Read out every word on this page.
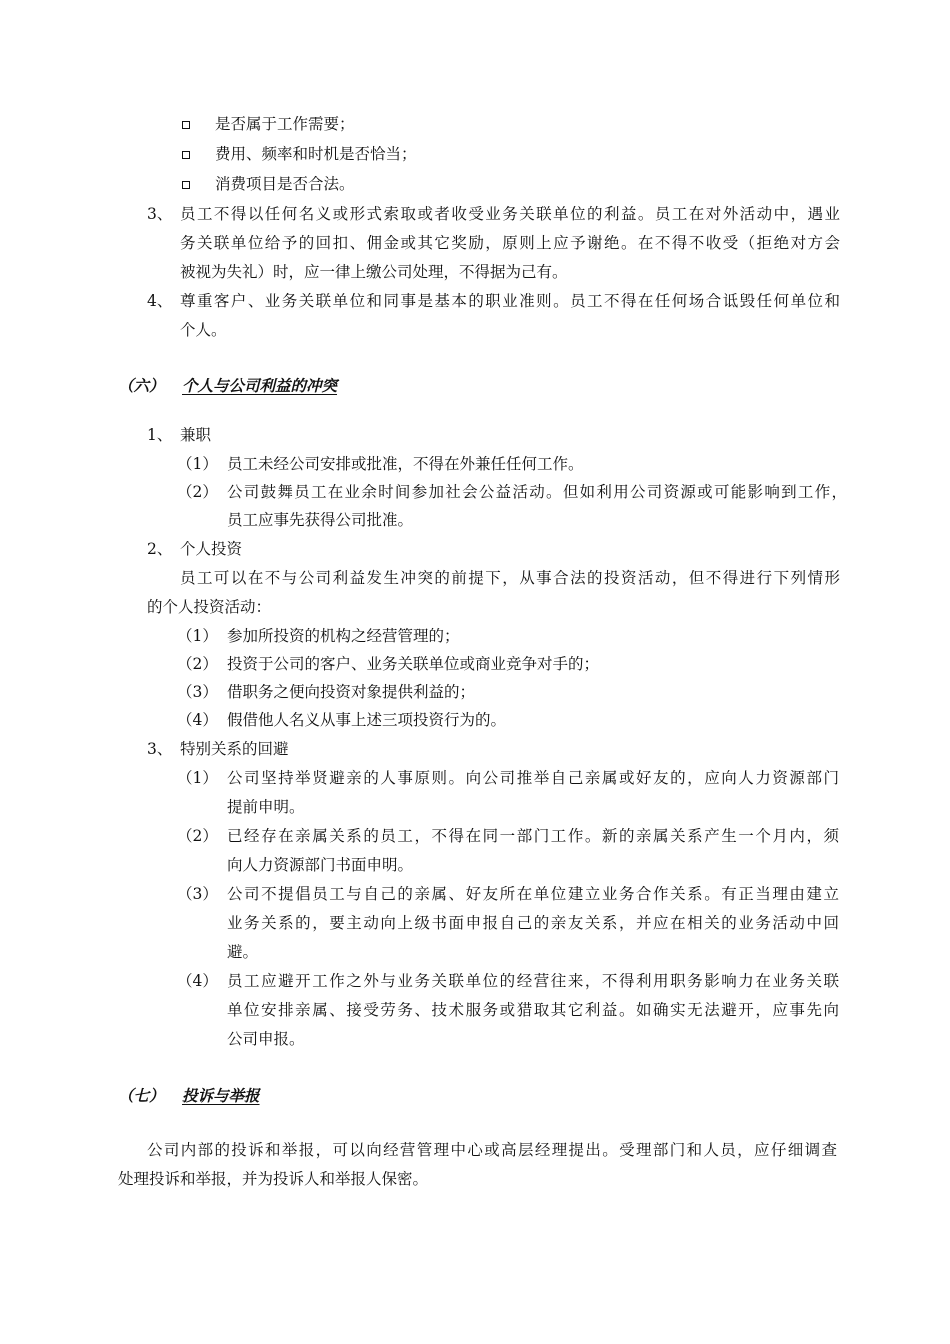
是否属于工作需要；
费用、频率和时机是否恰当；
消费项目是否合法。
3、 员工不得以任何名义或形式索取或者收受业务关联单位的利益。员工在对外活动中，遇业
务关联单位给予的回扣、佣金或其它奖励，原则上应予谢绝。在不得不收受（拒绝对方会
被视为失礼）时，应一律上缴公司处理，不得据为己有。
4、 尊重客户、业务关联单位和同事是基本的职业准则。员工不得在任何场合诋毁任何单位和
个人。
（六） 个人与公司利益的冲突
1、 兼职
（1） 员工未经公司安排或批准，不得在外兼任任何工作。
（2） 公司鼓舞员工在业余时间参加社会公益活动。但如利用公司资源或可能影响到工作，
员工应事先获得公司批准。
2、 个人投资
员工可以在不与公司利益发生冲突的前提下，从事合法的投资活动，但不得进行下列情形
的个人投资活动：
（1） 参加所投资的机构之经营管理的；
（2） 投资于公司的客户、业务关联单位或商业竞争对手的；
（3） 借职务之便向投资对象提供利益的；
（4） 假借他人名义从事上述三项投资行为的。
3、 特别关系的回避
（1） 公司坚持举贤避亲的人事原则。向公司推举自己亲属或好友的，应向人力资源部门
提前申明。
（2） 已经存在亲属关系的员工，不得在同一部门工作。新的亲属关系产生一个月内，须
向人力资源部门书面申明。
（3） 公司不提倡员工与自己的亲属、好友所在单位建立业务合作关系。有正当理由建立
业务关系的，要主动向上级书面申报自己的亲友关系，并应在相关的业务活动中回
避。
（4） 员工应避开工作之外与业务关联单位的经营往来，不得利用职务影响力在业务关联
单位安排亲属、接受劳务、技术服务或猎取其它利益。如确实无法避开，应事先向
公司申报。
（七） 投诉与举报
公司内部的投诉和举报，可以向经营管理中心或高层经理提出。受理部门和人员，应仔细调查
处理投诉和举报，并为投诉人和举报人保密。
